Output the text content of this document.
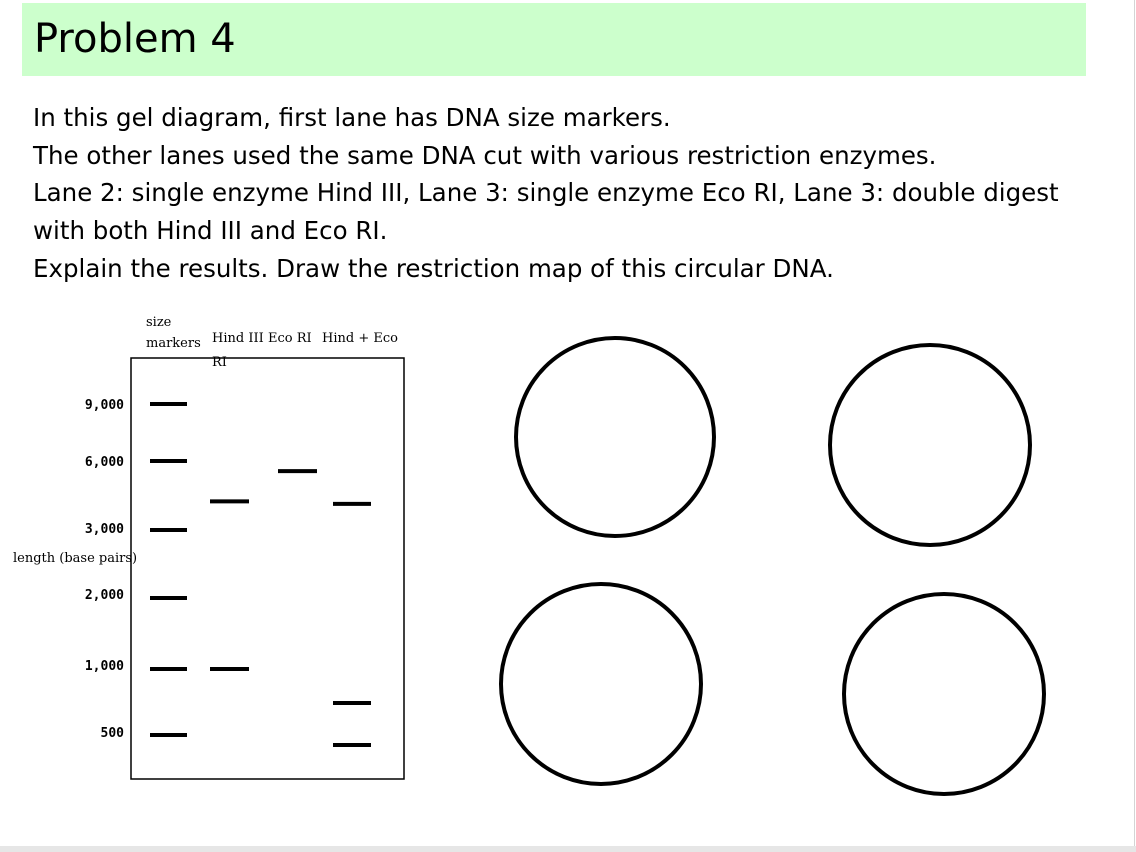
Problem 4

In this gel diagram, first lane has DNA size markers.

The other lanes used the same DNA cut with various restriction enzymes.

Lane 2: single enzyme Hind III, Lane 3: single enzyme Eco RI, Lane 3: double digest with both Hind III and Eco RI.

Explain the results. Draw the restriction map of this circular DNA.

size
markers Hind III Eco RI Hind + Eco
RI
9,000
6,000
3,000
2,000
1,000
500
length (base pairs)
